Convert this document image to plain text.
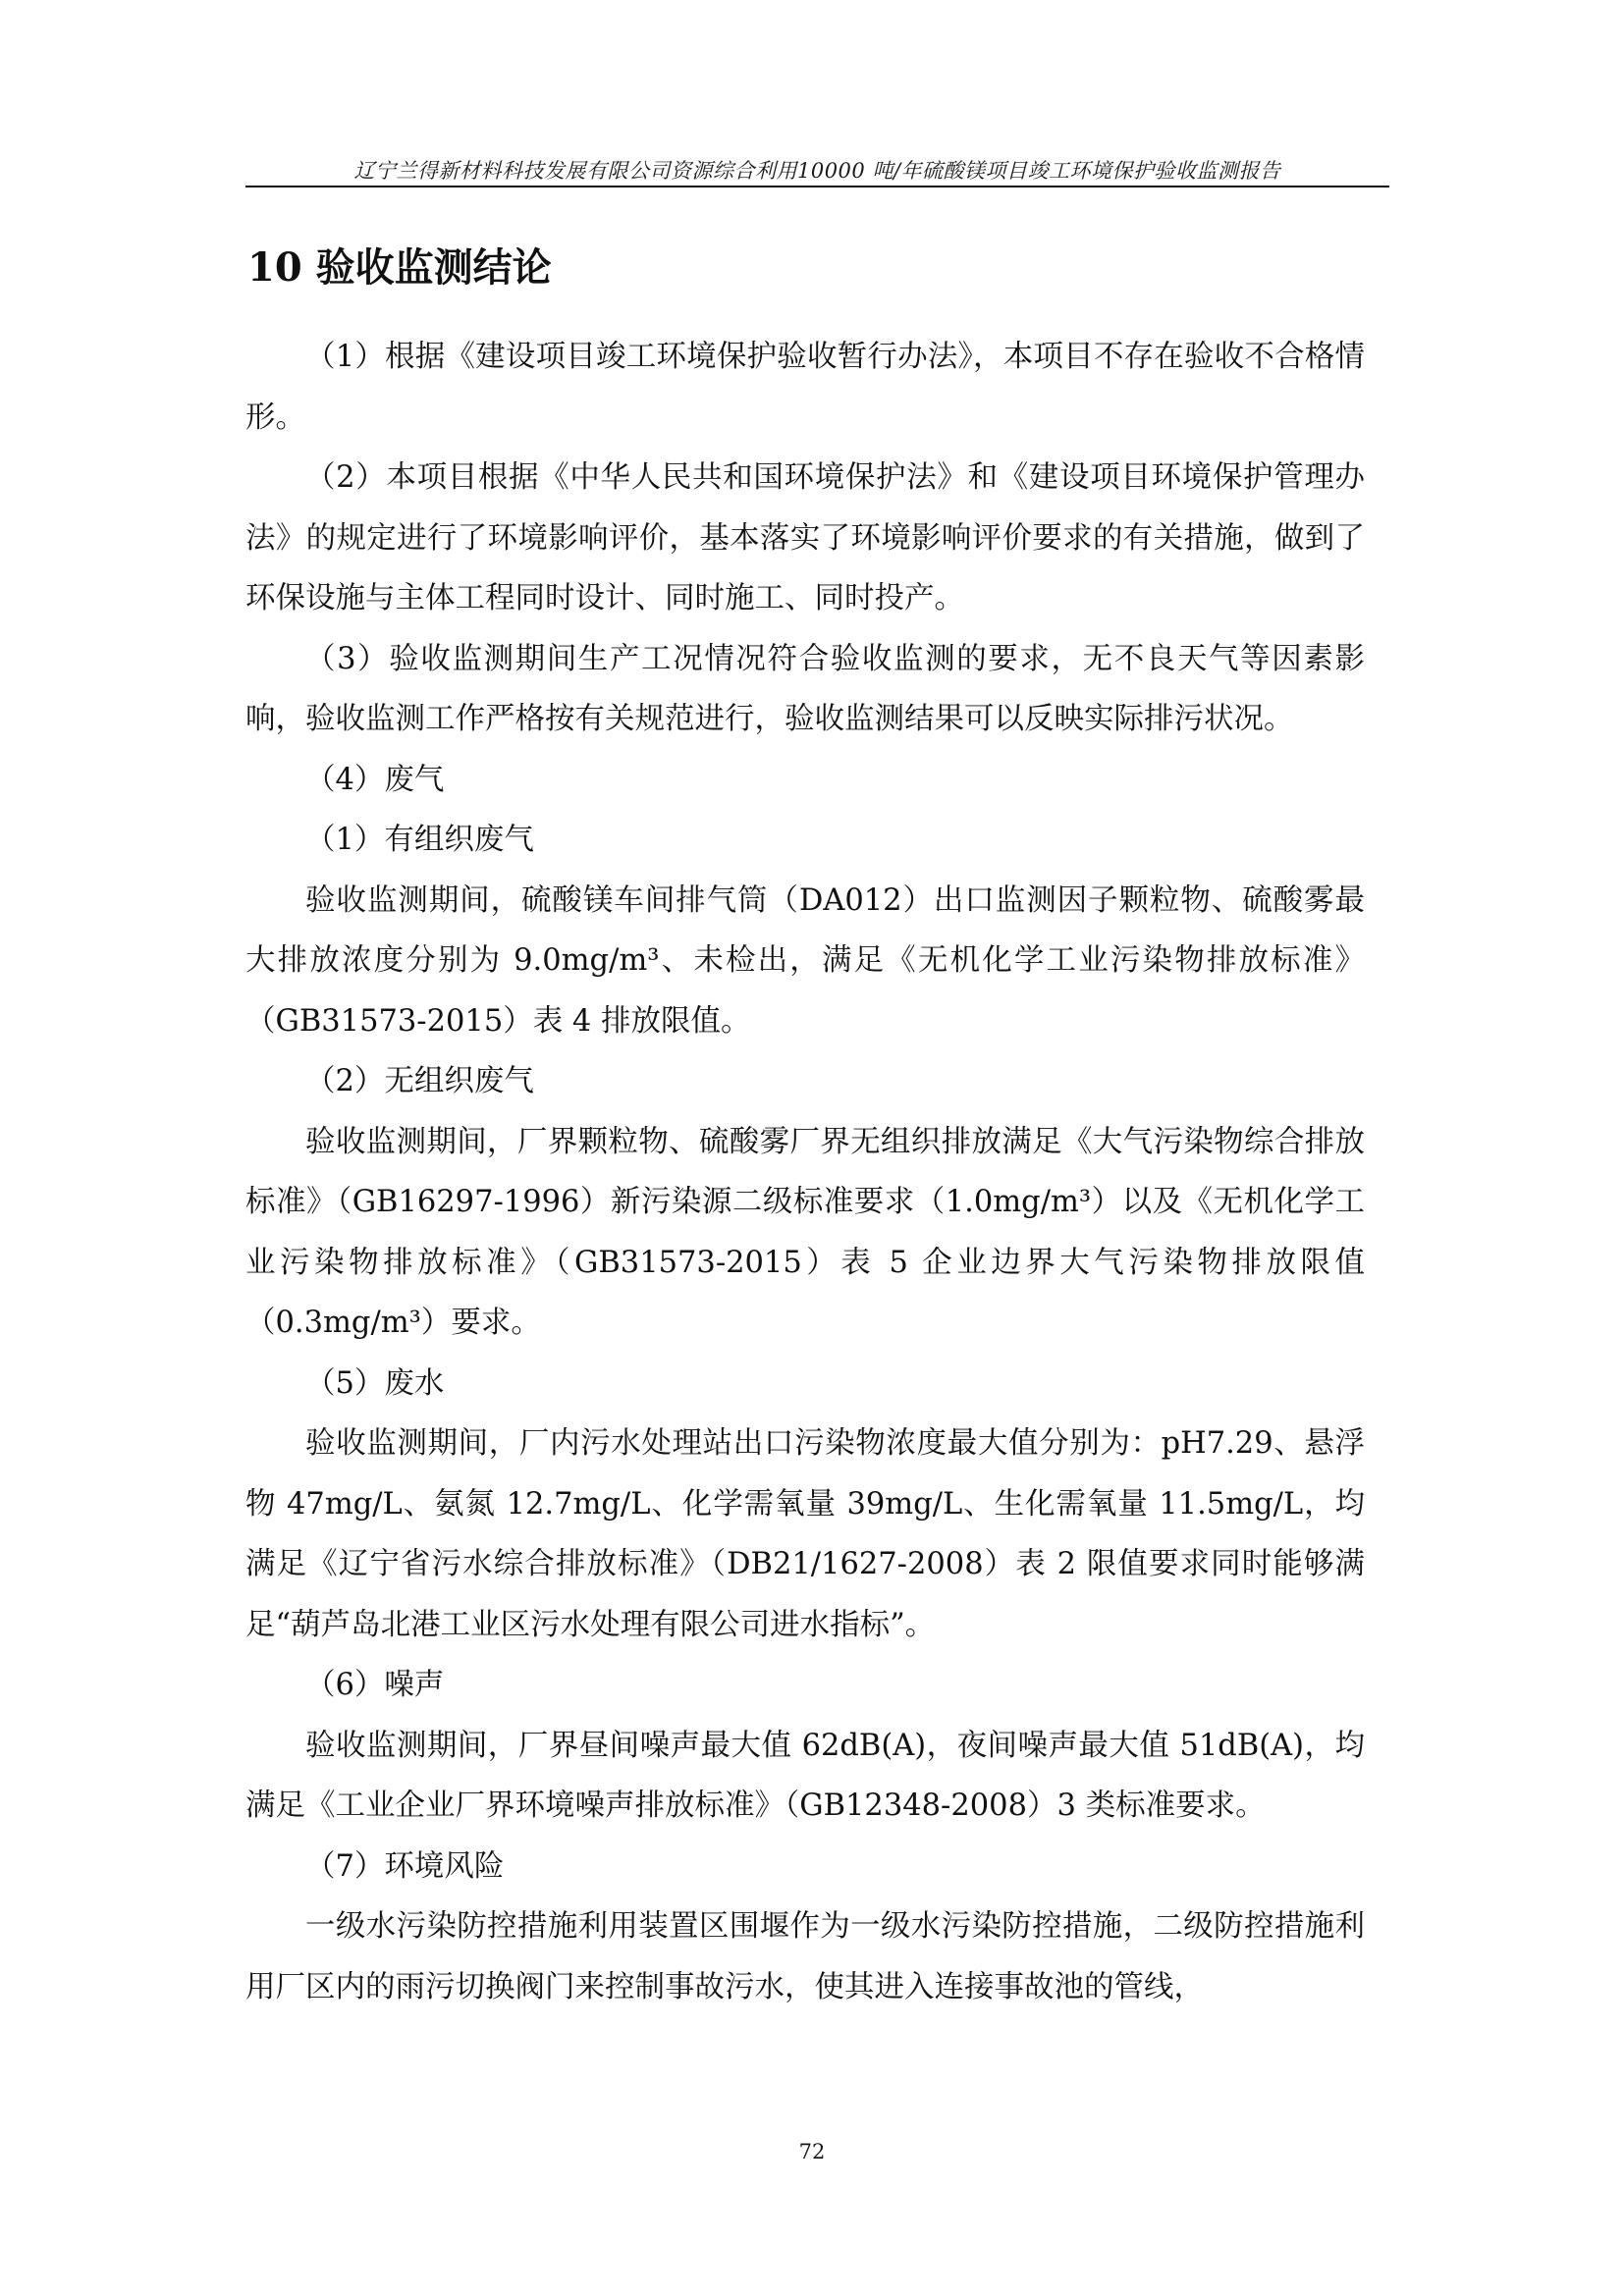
辽宁兰得新材料科技发展有限公司资源综合利用10000 吨/年硫酸镁项目竣工环境保护验收监测报告
10 验收监测结论

（1）根据《建设项目竣工环境保护验收暂行办法》，本项目不存在验收不合格情形。

（2）本项目根据《中华人民共和国环境保护法》和《建设项目环境保护管理办法》的规定进行了环境影响评价，基本落实了环境影响评价要求的有关措施，做到了环保设施与主体工程同时设计、同时施工、同时投产。

（3）验收监测期间生产工况情况符合验收监测的要求，无不良天气等因素影响，验收监测工作严格按有关规范进行，验收监测结果可以反映实际排污状况。

（4）废气

（1）有组织废气

验收监测期间，硫酸镁车间排气筒（DA012）出口监测因子颗粒物、硫酸雾最大排放浓度分别为 9.0mg/m³、未检出，满足《无机化学工业污染物排放标准》（GB31573-2015）表 4 排放限值。

（2）无组织废气

验收监测期间，厂界颗粒物、硫酸雾厂界无组织排放满足《大气污染物综合排放标准》（GB16297-1996）新污染源二级标准要求（1.0mg/m³）以及《无机化学工业污染物排放标准》（GB31573-2015）表 5 企业边界大气污染物排放限值（0.3mg/m³）要求。

（5）废水

验收监测期间，厂内污水处理站出口污染物浓度最大值分别为：pH7.29、悬浮物 47mg/L、氨氮 12.7mg/L、化学需氧量 39mg/L、生化需氧量 11.5mg/L，均满足《辽宁省污水综合排放标准》（DB21/1627-2008）表 2 限值要求同时能够满足“葫芦岛北港工业区污水处理有限公司进水指标”。

（6）噪声

验收监测期间，厂界昼间噪声最大值 62dB(A)，夜间噪声最大值 51dB(A)，均满足《工业企业厂界环境噪声排放标准》（GB12348-2008）3 类标准要求。

（7）环境风险

一级水污染防控措施利用装置区围堰作为一级水污染防控措施，二级防控措施利用厂区内的雨污切换阀门来控制事故污水，使其进入连接事故池的管线，

72
